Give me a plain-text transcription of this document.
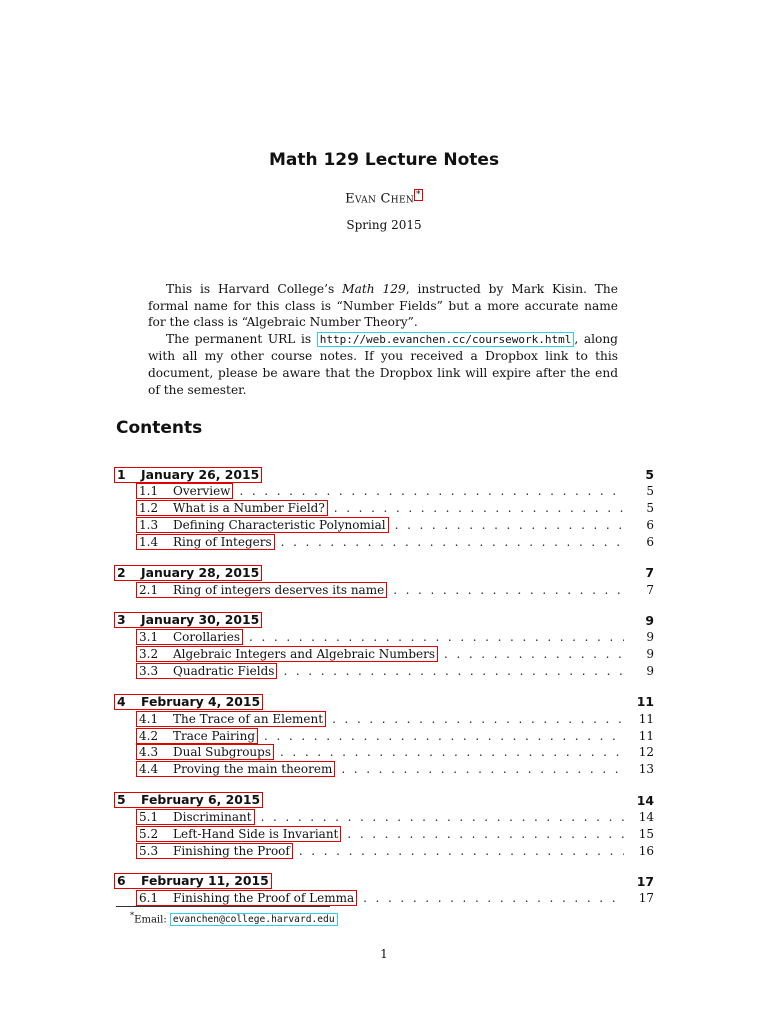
Math 129 Lecture Notes
Evan Chen *
Spring 2015

This is Harvard College’s Math 129, instructed by Mark Kisin. The formal name for this class is “Number Fields” but a more accurate name for the class is “Algebraic Number Theory”.

The permanent URL is http://web.evanchen.cc/coursework.html , along with all my other course notes. If you received a Dropbox link to this document, please be aware that the Dropbox link will expire after the end of the semester.

Contents
1	January 26, 2015	5
1.1	Overview . . .	5
1.2	What is a Number Field? . . .	5
1.3	Defining Characteristic Polynomial . . .	6
1.4	Ring of Integers . . .	6
2	January 28, 2015	7
2.1	Ring of integers deserves its name . . .	7
3	January 30, 2015	9
3.1	Corollaries . . .	9
3.2	Algebraic Integers and Algebraic Numbers . . .	9
3.3	Quadratic Fields . . .	9
4	February 4, 2015	11
4.1	The Trace of an Element . . .	11
4.2	Trace Pairing . . .	11
4.3	Dual Subgroups . . .	12
4.4	Proving the main theorem . . .	13
5	February 6, 2015	14
5.1	Discriminant . . .	14
5.2	Left-Hand Side is Invariant . . .	15
5.3	Finishing the Proof . . .	16
6	February 11, 2015	17
6.1	Finishing the Proof of Lemma . . .	17
*Email: evanchen@college.harvard.edu
1
